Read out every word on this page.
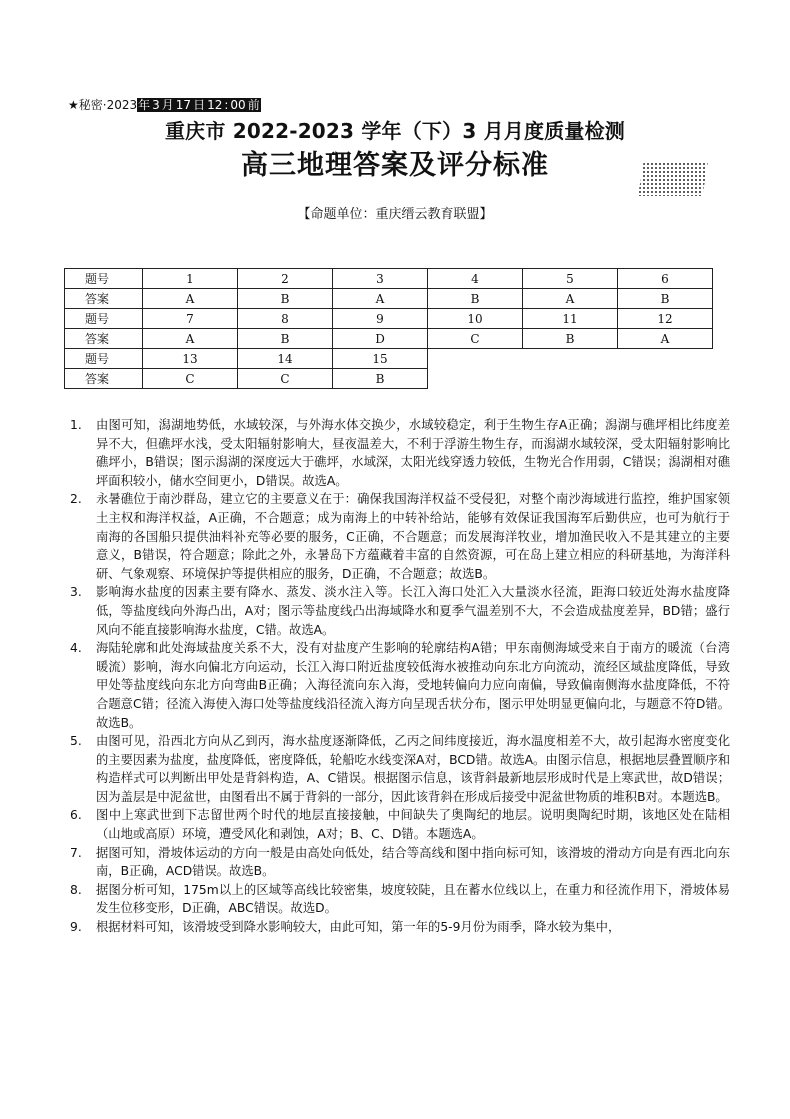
★秘密·2023年 3 月 17 日 12 : 00 前
重庆市 2022-2023 学年（下）3 月月度质量检测
高三地理答案及评分标准
【命题单位：重庆缙云教育联盟】
题号	1	2	3	4	5	6
答案	A	B	A	B	A	B
题号	7	8	9	10	11	12
答案	A	B	D	C	B	A
题号	13	14	15			
答案	C	C	B			
1. 由图可知，潟湖地势低，水域较深，与外海水体交换少，水域较稳定，利于生物生存A正确；潟湖与礁坪相比纬度差异不大，但礁坪水浅，受太阳辐射影响大，昼夜温差大，不利于浮游生物生存，而潟湖水域较深，受太阳辐射影响比礁坪小，B错误；图示潟湖的深度远大于礁坪，水域深，太阳光线穿透力较低，生物光合作用弱，C错误；潟湖相对礁坪面积较小，储水空间更小，D错误。故选A。
2. 永暑礁位于南沙群岛，建立它的主要意义在于：确保我国海洋权益不受侵犯，对整个南沙海域进行监控，维护国家领土主权和海洋权益，A正确，不合题意；成为南海上的中转补给站，能够有效保证我国海军后勤供应，也可为航行于南海的各国船只提供油料补充等必要的服务，C正确，不合题意；而发展海洋牧业，增加渔民收入不是其建立的主要意义，B错误，符合题意；除此之外，永暑岛下方蕴藏着丰富的自然资源，可在岛上建立相应的科研基地，为海洋科研、气象观察、环境保护等提供相应的服务，D正确，不合题意；故选B。
3. 影响海水盐度的因素主要有降水、蒸发、淡水注入等。长江入海口处汇入大量淡水径流，距海口较近处海水盐度降低，等盐度线向外海凸出，A对；图示等盐度线凸出海域降水和夏季气温差别不大，不会造成盐度差异，BD错；盛行风向不能直接影响海水盐度，C错。故选A。
4. 海陆轮廓和此处海域盐度关系不大，没有对盐度产生影响的轮廓结构A错；甲东南侧海域受来自于南方的暖流（台湾暖流）影响，海水向偏北方向运动，长江入海口附近盐度较低海水被推动向东北方向流动，流经区域盐度降低，导致甲处等盐度线向东北方向弯曲B正确；入海径流向东入海，受地转偏向力应向南偏，导致偏南侧海水盐度降低，不符合题意C错；径流入海使入海口处等盐度线沿径流入海方向呈现舌状分布，图示甲处明显更偏向北，与题意不符D错。故选B。
5. 由图可见，沿西北方向从乙到丙，海水盐度逐渐降低，乙丙之间纬度接近，海水温度相差不大，故引起海水密度变化的主要因素为盐度，盐度降低，密度降低，轮船吃水线变深A对，BCD错。故选A。由图示信息，根据地层叠置顺序和构造样式可以判断出甲处是背斜构造，A、C错误。根据图示信息，该背斜最新地层形成时代是上寒武世，故D错误；因为盖层是中泥盆世，由图看出不属于背斜的一部分，因此该背斜在形成后接受中泥盆世物质的堆积B对。本题选B。
6. 图中上寒武世到下志留世两个时代的地层直接接触，中间缺失了奥陶纪的地层。说明奥陶纪时期，该地区处在陆相（山地或高原）环境，遭受风化和剥蚀，A对；B、C、D错。本题选A。
7. 据图可知，滑坡体运动的方向一般是由高处向低处，结合等高线和图中指向标可知，该滑坡的滑动方向是有西北向东南，B正确，ACD错误。故选B。
8. 据图分析可知，175m以上的区域等高线比较密集，坡度较陡，且在蓄水位线以上，在重力和径流作用下，滑坡体易发生位移变形，D正确，ABC错误。故选D。
9. 根据材料可知，该滑坡受到降水影响较大，由此可知，第一年的5-9月份为雨季，降水较为集中，
